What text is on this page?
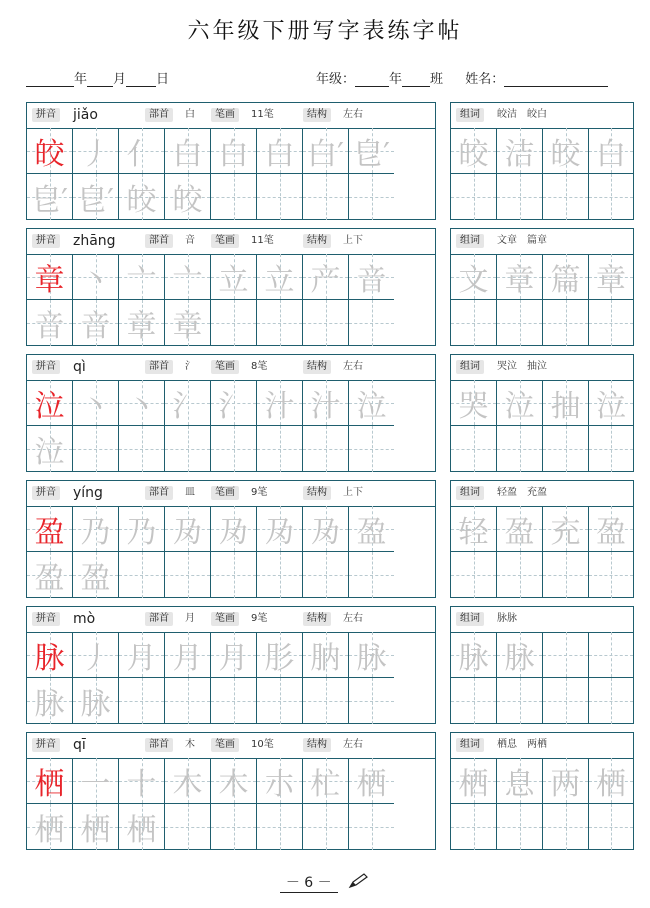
六年级下册写字表练字帖
年 月 日	年级：	年 班 姓名：
拼音 jiǎo	部首	白	笔画	11笔	结构	左右
皎 丿 亻 白 白 白 白′ 皀′
皀′ 皀′ 皎 皎
组词	皎洁　皎白
皎 洁 皎 白
拼音 zhāng	部首	音	笔画	11笔	结构	上下
章 丶 亠 亠 立 立 产 音
音 音 章 章
组词	文章　篇章
文 章 篇 章
拼音 qì	部首	氵	笔画	8笔	结构	左右
泣 丶 丶 氵 氵 汁 汁 泣
泣
组词	哭泣　抽泣
哭 泣 抽 泣
拼音 yíng	部首	皿	笔画	9笔	结构	上下
盈 乃 乃 夃 夃 夃 夃 盈
盈 盈
组词	轻盈　充盈
轻 盈 充 盈
拼音 mò	部首	月	笔画	9笔	结构	左右
脉 丿 月 月 月 肜 肭 脉
脉 脉
组词	脉脉
脉 脉
拼音 qī	部首	木	笔画	10笔	结构	左右
栖 一 十 木 木 朩 杧 栖
栖 栖 栖
组词	栖息　两栖
栖 息 两 栖
－ 6 －
